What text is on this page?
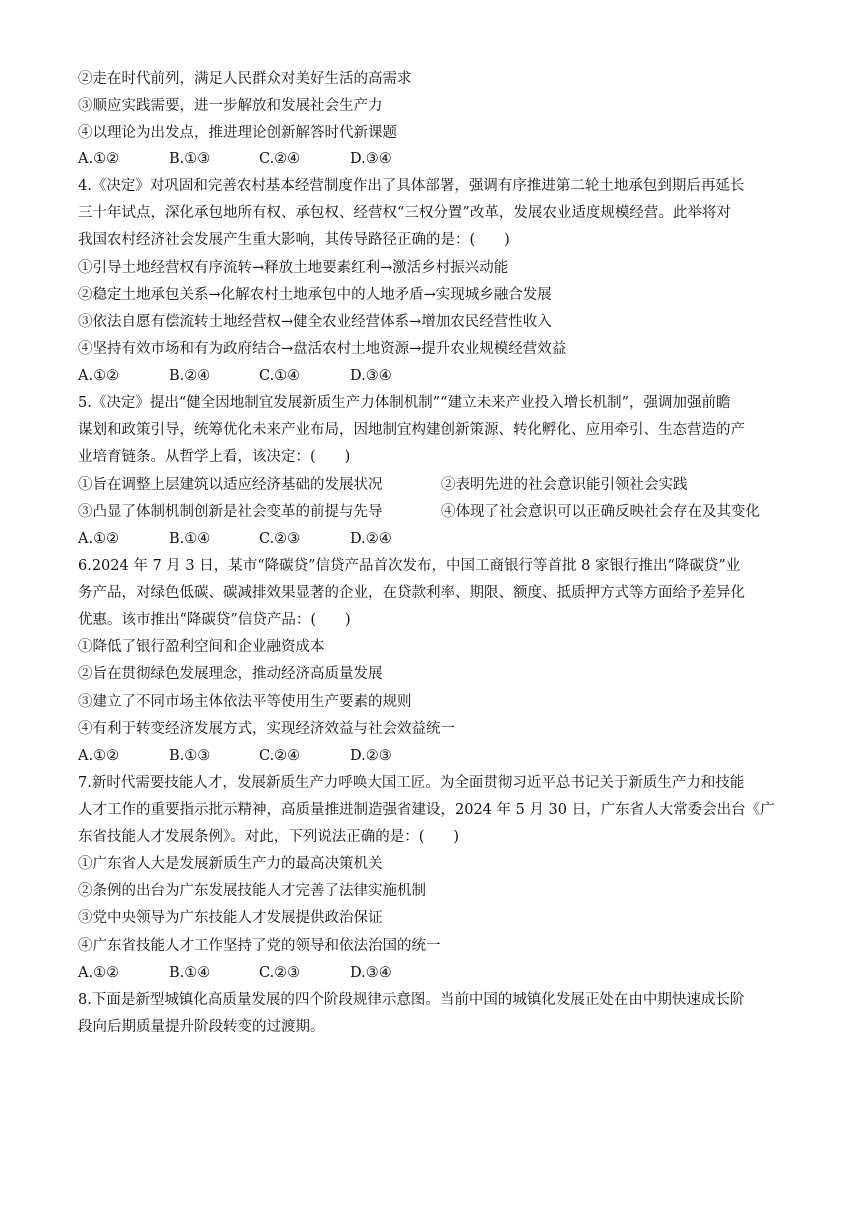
②走在时代前列，满足人民群众对美好生活的高需求
③顺应实践需要，进一步解放和发展社会生产力
④以理论为出发点，推进理论创新解答时代新课题
A.①②	B.①③	C.②④	D.③④
4.《决定》对巩固和完善农村基本经营制度作出了具体部署，强调有序推进第二轮土地承包到期后再延长
三十年试点，深化承包地所有权、承包权、经营权“三权分置”改革，发展农业适度规模经营。此举将对
我国农村经济社会发展产生重大影响，其传导路径正确的是：(　　)
①引导土地经营权有序流转→释放土地要素红利→激活乡村振兴动能
②稳定土地承包关系→化解农村土地承包中的人地矛盾→实现城乡融合发展
③依法自愿有偿流转土地经营权→健全农业经营体系→增加农民经营性收入
④坚持有效市场和有为政府结合→盘活农村土地资源→提升农业规模经营效益
A.①②	B.②④	C.①④	D.③④
5.《决定》提出“健全因地制宜发展新质生产力体制机制”“建立未来产业投入增长机制”，强调加强前瞻
谋划和政策引导，统筹优化未来产业布局，因地制宜构建创新策源、转化孵化、应用牵引、生态营造的产
业培育链条。从哲学上看，该决定：(　　)
①旨在调整上层建筑以适应经济基础的发展状况	②表明先进的社会意识能引领社会实践
③凸显了体制机制创新是社会变革的前提与先导	④体现了社会意识可以正确反映社会存在及其变化
A.①②	B.①④	C.②③	D.②④
6.2024 年 7 月 3 日，某市“降碳贷”信贷产品首次发布，中国工商银行等首批 8 家银行推出“降碳贷”业
务产品，对绿色低碳、碳减排效果显著的企业，在贷款利率、期限、额度、抵质押方式等方面给予差异化
优惠。该市推出“降碳贷”信贷产品：(　　)
①降低了银行盈利空间和企业融资成本
②旨在贯彻绿色发展理念，推动经济高质量发展
③建立了不同市场主体依法平等使用生产要素的规则
④有利于转变经济发展方式，实现经济效益与社会效益统一
A.①②	B.①③	C.②④	D.②③
7.新时代需要技能人才，发展新质生产力呼唤大国工匠。为全面贯彻习近平总书记关于新质生产力和技能
人才工作的重要指示批示精神，高质量推进制造强省建设，2024 年 5 月 30 日，广东省人大常委会出台《广
东省技能人才发展条例》。对此，下列说法正确的是：(　　)
①广东省人大是发展新质生产力的最高决策机关
②条例的出台为广东发展技能人才完善了法律实施机制
③党中央领导为广东技能人才发展提供政治保证
④广东省技能人才工作坚持了党的领导和依法治国的统一
A.①②	B.①④	C.②③	D.③④
8.下面是新型城镇化高质量发展的四个阶段规律示意图。当前中国的城镇化发展正处在由中期快速成长阶
段向后期质量提升阶段转变的过渡期。
